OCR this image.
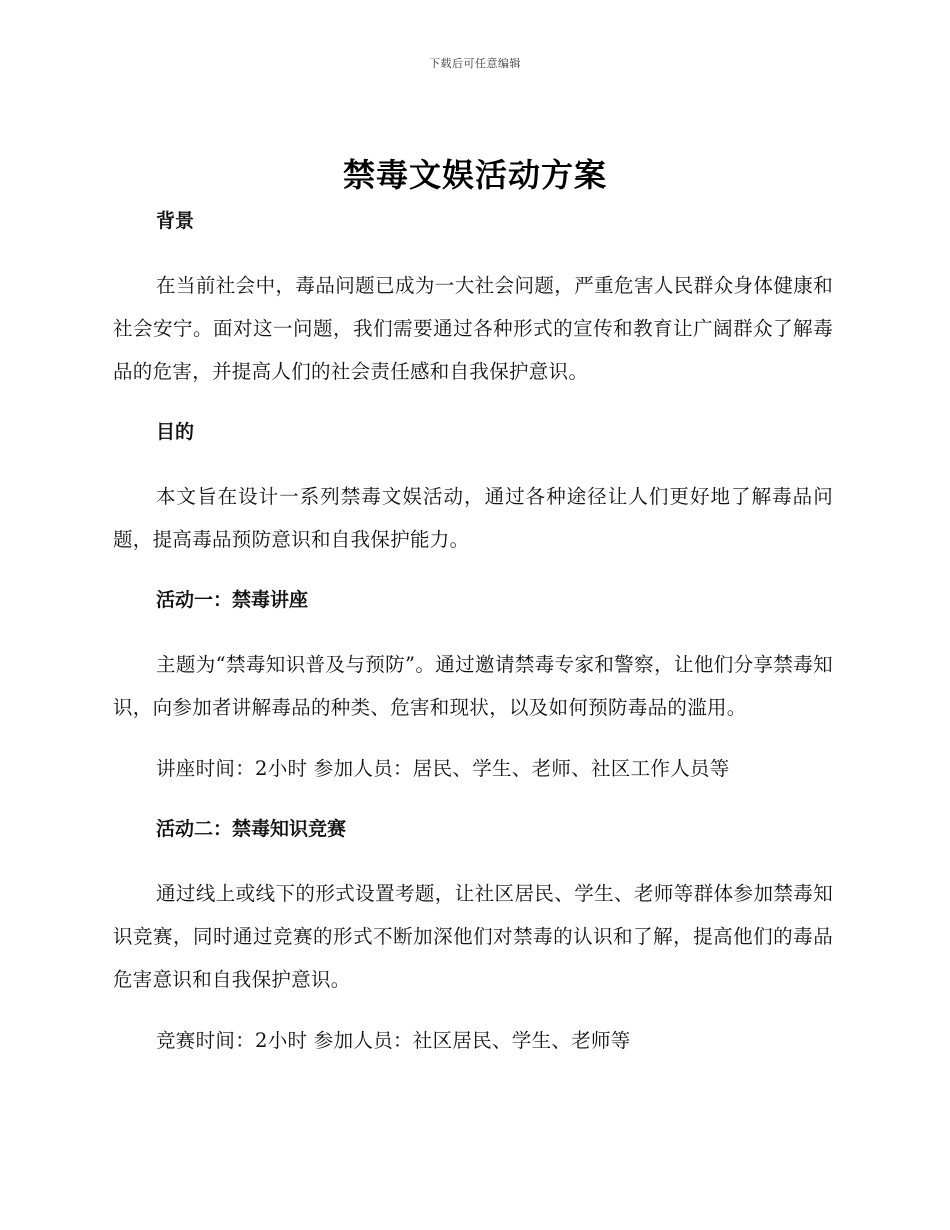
下载后可任意编辑
禁毒文娱活动方案
背景

在当前社会中，毒品问题已成为一大社会问题，严重危害人民群众身体健康和社会安宁。面对这一问题，我们需要通过各种形式的宣传和教育让广阔群众了解毒品的危害，并提高人们的社会责任感和自我保护意识。

目的

本文旨在设计一系列禁毒文娱活动，通过各种途径让人们更好地了解毒品问题，提高毒品预防意识和自我保护能力。

活动一：禁毒讲座

主题为“禁毒知识普及与预防”。通过邀请禁毒专家和警察，让他们分享禁毒知识，向参加者讲解毒品的种类、危害和现状，以及如何预防毒品的滥用。

讲座时间：2小时 参加人员：居民、学生、老师、社区工作人员等

活动二：禁毒知识竞赛

通过线上或线下的形式设置考题，让社区居民、学生、老师等群体参加禁毒知识竞赛，同时通过竞赛的形式不断加深他们对禁毒的认识和了解，提高他们的毒品危害意识和自我保护意识。

竞赛时间：2小时 参加人员：社区居民、学生、老师等
